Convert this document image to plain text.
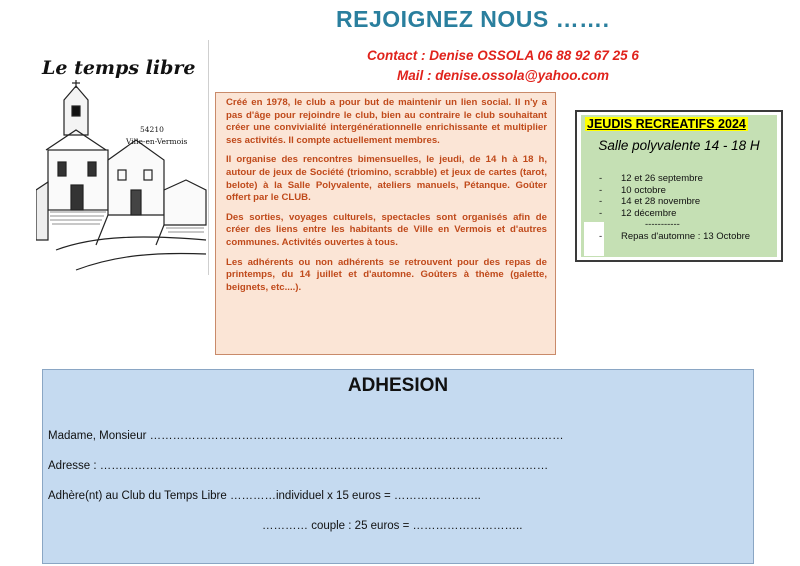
REJOIGNEZ NOUS …….
Contact : Denise OSSOLA 06 88 92 67 25 6
Mail : denise.ossola@yahoo.com
Le temps libre
54210
Ville-en-Vermois

Créé en 1978, le club a pour but de maintenir un lien social. Il n'y a pas d'âge pour rejoindre le club, bien au contraire le club souhaitant créer une convivialité intergénérationnelle enrichissante et multiplier ses activités. Il compte actuellement membres.

Il organise des rencontres bimensuelles, le jeudi, de 14 h à 18 h, autour de jeux de Société (triomino, scrabble) et jeux de cartes (tarot, belote) à la Salle Polyvalente, ateliers manuels, Pétanque. Goûter offert par le CLUB.

Des sorties, voyages culturels, spectacles sont organisés afin de créer des liens entre les habitants de Ville en Vermois et d'autres communes. Activités ouvertes à tous.

Les adhérents ou non adhérents se retrouvent pour des repas de printemps, du 14 juillet et d'automne. Goûters à thème (galette, beignets, etc....).

JEUDIS RECREATIFS 2024
Salle polyvalente 14 - 18 H
- 12 et 26 septembre
- 10 octobre
- 14 et 28 novembre
- 12 décembre
-----------
- Repas d'automne : 13 Octobre
ADHESION
Madame, Monsieur ………………………………………………………………………………………………
Adresse : ………………………………………………………………………………………………………
Adhère(nt) au Club du Temps Libre …………individuel x 15 euros = …………………..
………… couple : 25 euros = ………………………..
